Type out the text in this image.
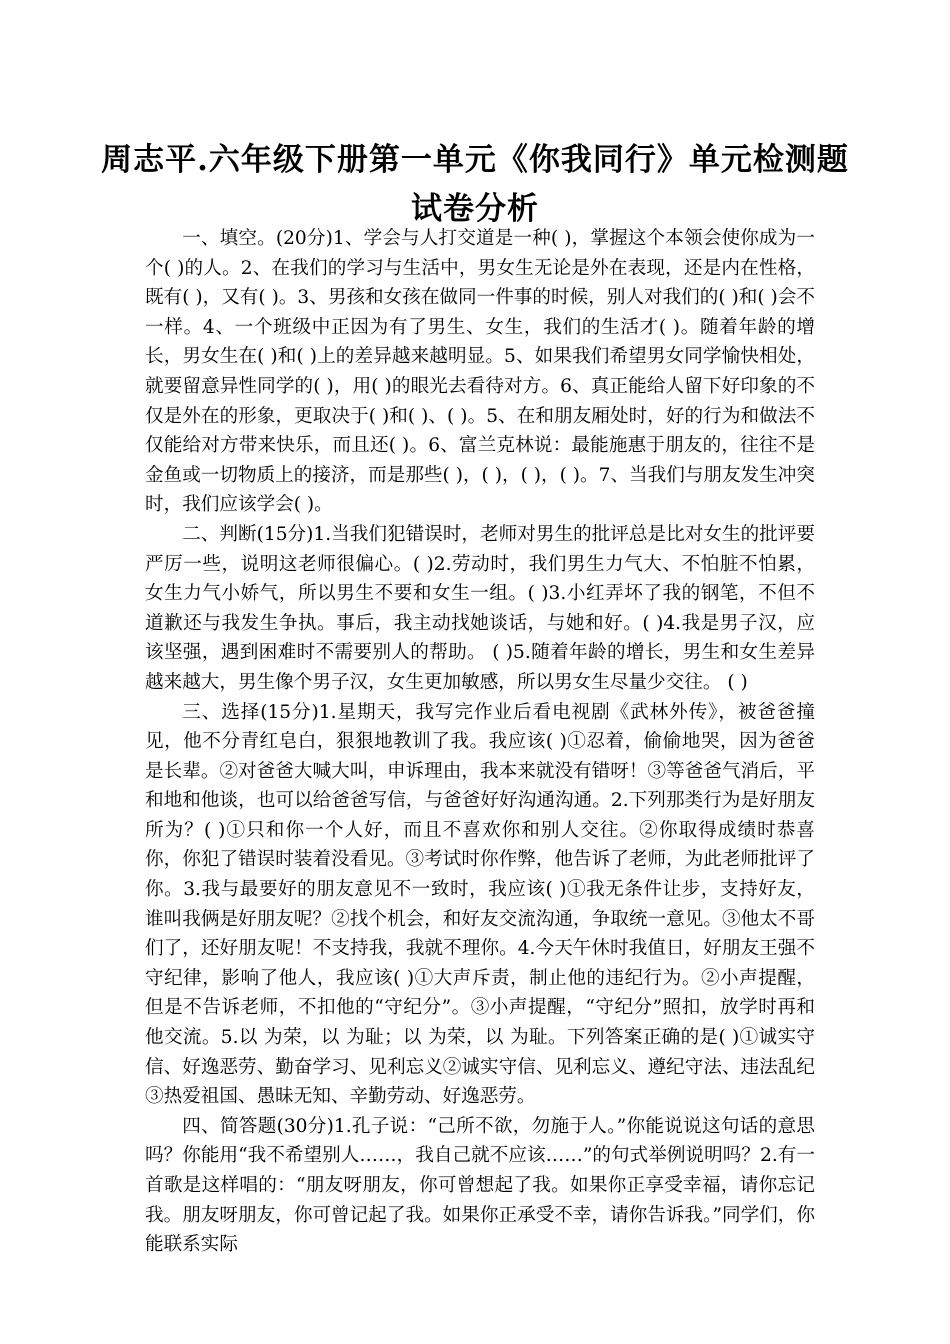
周志平.六年级下册第一单元《你我同行》单元检测题
试卷分析

一、填空。(20分)1、学会与人打交道是一种( )，掌握这个本领会使你成为一个( )的人。2、在我们的学习与生活中，男女生无论是外在表现，还是内在性格，既有( )，又有( )。3、男孩和女孩在做同一件事的时候，别人对我们的( )和( )会不一样。4、一个班级中正因为有了男生、女生，我们的生活才( )。随着年龄的增长，男女生在( )和( )上的差异越来越明显。5、如果我们希望男女同学愉快相处，就要留意异性同学的( )，用( )的眼光去看待对方。6、真正能给人留下好印象的不仅是外在的形象，更取决于( )和( )、( )。5、在和朋友厢处时，好的行为和做法不仅能给对方带来快乐，而且还( )。6、富兰克林说：最能施惠于朋友的，往往不是金鱼或一切物质上的接济，而是那些( )，( )，( )，( )。7、当我们与朋友发生冲突时，我们应该学会( )。

二、判断(15分)1.当我们犯错误时，老师对男生的批评总是比对女生的批评要严厉一些，说明这老师很偏心。( )2.劳动时，我们男生力气大、不怕脏不怕累，女生力气小娇气，所以男生不要和女生一组。( )3.小红弄坏了我的钢笔，不但不道歉还与我发生争执。事后，我主动找她谈话，与她和好。( )4.我是男子汉，应该坚强，遇到困难时不需要别人的帮助。 ( )5.随着年龄的增长，男生和女生差异越来越大，男生像个男子汉，女生更加敏感，所以男女生尽量少交往。 ( )

三、选择(15分)1.星期天，我写完作业后看电视剧《武林外传》，被爸爸撞见，他不分青红皂白，狠狠地教训了我。我应该( )①忍着，偷偷地哭，因为爸爸是长辈。②对爸爸大喊大叫，申诉理由，我本来就没有错呀！③等爸爸气消后，平和地和他谈，也可以给爸爸写信，与爸爸好好沟通沟通。2.下列那类行为是好朋友所为？( )①只和你一个人好，而且不喜欢你和别人交往。②你取得成绩时恭喜你，你犯了错误时装着没看见。③考试时你作弊，他告诉了老师，为此老师批评了你。3.我与最要好的朋友意见不一致时，我应该( )①我无条件让步，支持好友，谁叫我俩是好朋友呢？②找个机会，和好友交流沟通，争取统一意见。③他太不哥们了，还好朋友呢！不支持我，我就不理你。4.今天午休时我值日，好朋友王强不守纪律，影响了他人，我应该( )①大声斥责，制止他的违纪行为。②小声提醒，但是不告诉老师，不扣他的“守纪分”。③小声提醒，“守纪分”照扣，放学时再和他交流。5.以 为荣，以 为耻；以 为荣，以 为耻。下列答案正确的是( )①诚实守信、好逸恶劳、勤奋学习、见利忘义②诚实守信、见利忘义、遵纪守法、违法乱纪③热爱祖国、愚昧无知、辛勤劳动、好逸恶劳。

四、简答题(30分)1.孔子说：“己所不欲，勿施于人。”你能说说这句话的意思吗？你能用“我不希望别人……，我自己就不应该……”的句式举例说明吗？2.有一首歌是这样唱的：“朋友呀朋友，你可曾想起了我。如果你正享受幸福，请你忘记我。朋友呀朋友，你可曾记起了我。如果你正承受不幸，请你告诉我。”同学们，你能联系实际
